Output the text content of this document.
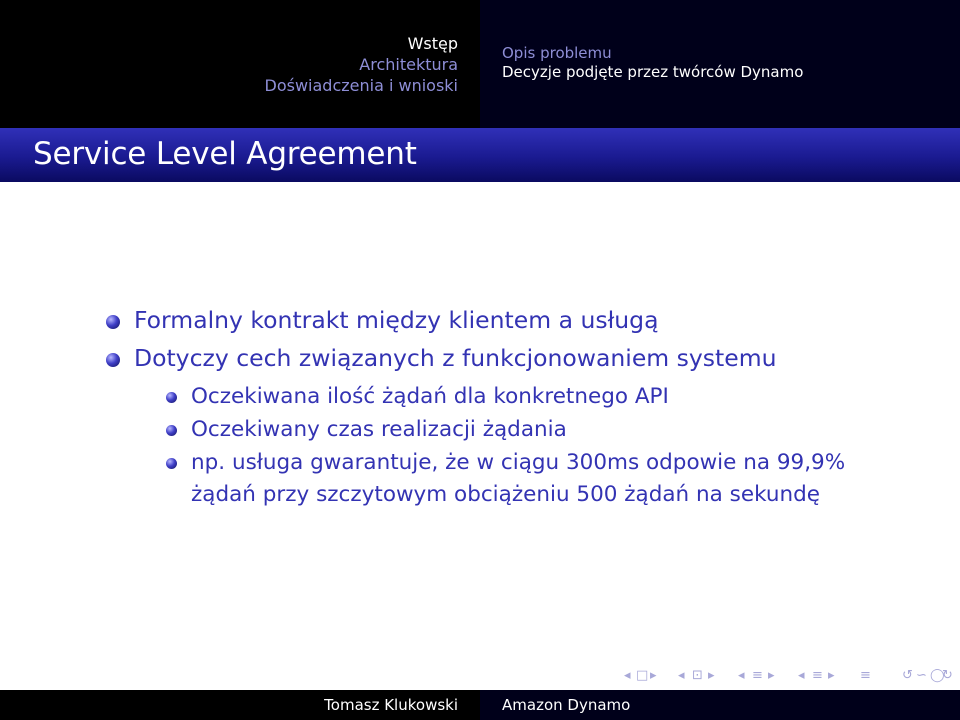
Wstęp
Architektura
Doświadczenia i wnioski
Opis problemu
Decyzje podjęte przez twórców Dynamo
Service Level Agreement
Formalny kontrakt między klientem a usługą
Dotyczy cech związanych z funkcjonowaniem systemu
Oczekiwana ilość żądań dla konkretnego API
Oczekiwany czas realizacji żądania
np. usługa gwarantuje, że w ciągu 300ms odpowie na 99,9% żądań przy szczytowym obciążeniu 500 żądań na sekundę
◂ □ ▸ ◂ ⊡ ▸ ◂ ≡ ▸ ◂ ≡ ▸ ≡ ↺ ∽ ◯
↻
Tomasz Klukowski	Amazon Dynamo
